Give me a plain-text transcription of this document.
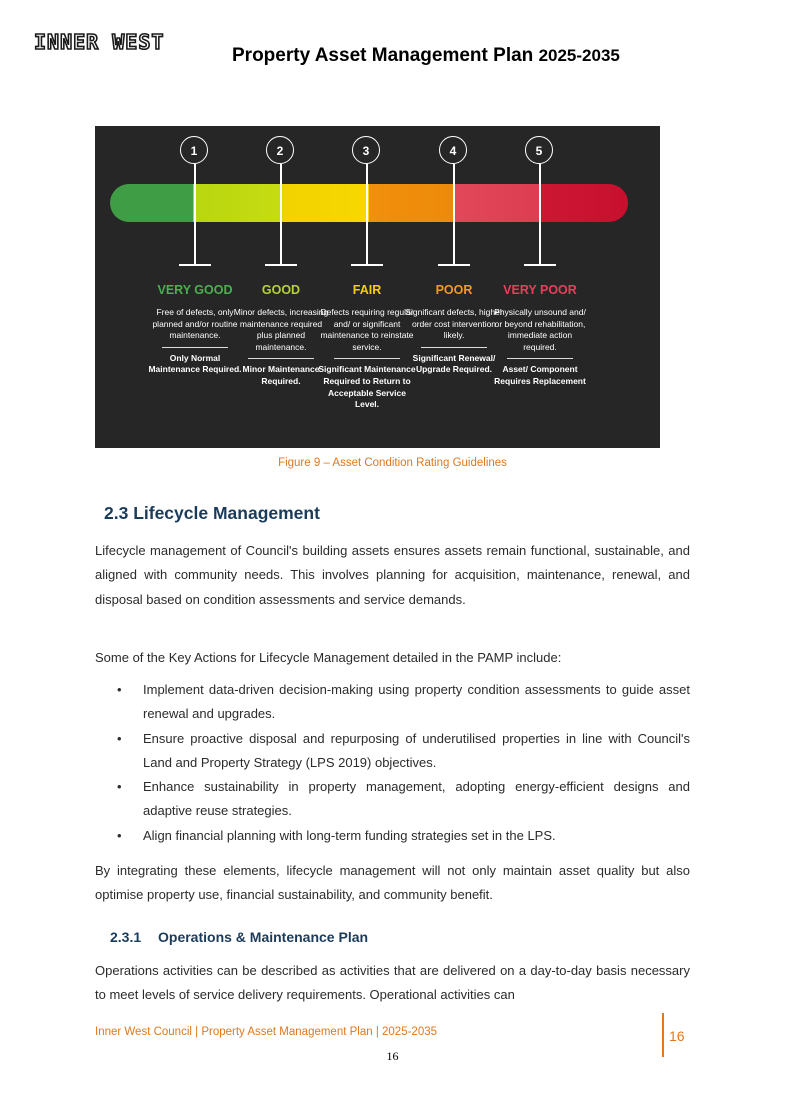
INNER WEST
Property Asset Management Plan 2025-2035
1
VERY GOOD
Free of defects, only planned and/or routine maintenance.
Only Normal Maintenance Required.
2
GOOD
Minor defects, increasing maintenance required plus planned maintenance.
Minor Maintenance Required.
3
FAIR
Defects requiring regular and/ or significant maintenance to reinstate service.
Significant Maintenance Required to Return to Acceptable Service Level.
4
POOR
Significant defects, higher order cost intervention likely.
Significant Renewal/ Upgrade Required.
5
VERY POOR
Physically unsound and/ or beyond rehabilitation, immediate action required.
Asset/ Component Requires Replacement
Figure 9 – Asset Condition Rating Guidelines
2.3 Lifecycle Management
Lifecycle management of Council's building assets ensures assets remain functional, sustainable, and aligned with community needs. This involves planning for acquisition, maintenance, renewal, and disposal based on condition assessments and service demands.
Some of the Key Actions for Lifecycle Management detailed in the PAMP include:
• Implement data-driven decision-making using property condition assessments to guide asset renewal and upgrades.
• Ensure proactive disposal and repurposing of underutilised properties in line with Council's Land and Property Strategy (LPS 2019) objectives.
• Enhance sustainability in property management, adopting energy-efficient designs and adaptive reuse strategies.
• Align financial planning with long-term funding strategies set in the LPS.
By integrating these elements, lifecycle management will not only maintain asset quality but also optimise property use, financial sustainability, and community benefit.
2.3.1 Operations & Maintenance Plan
Operations activities can be described as activities that are delivered on a day-to-day basis necessary to meet levels of service delivery requirements. Operational activities can
Inner West Council | Property Asset Management Plan | 2025-2035	16
16
